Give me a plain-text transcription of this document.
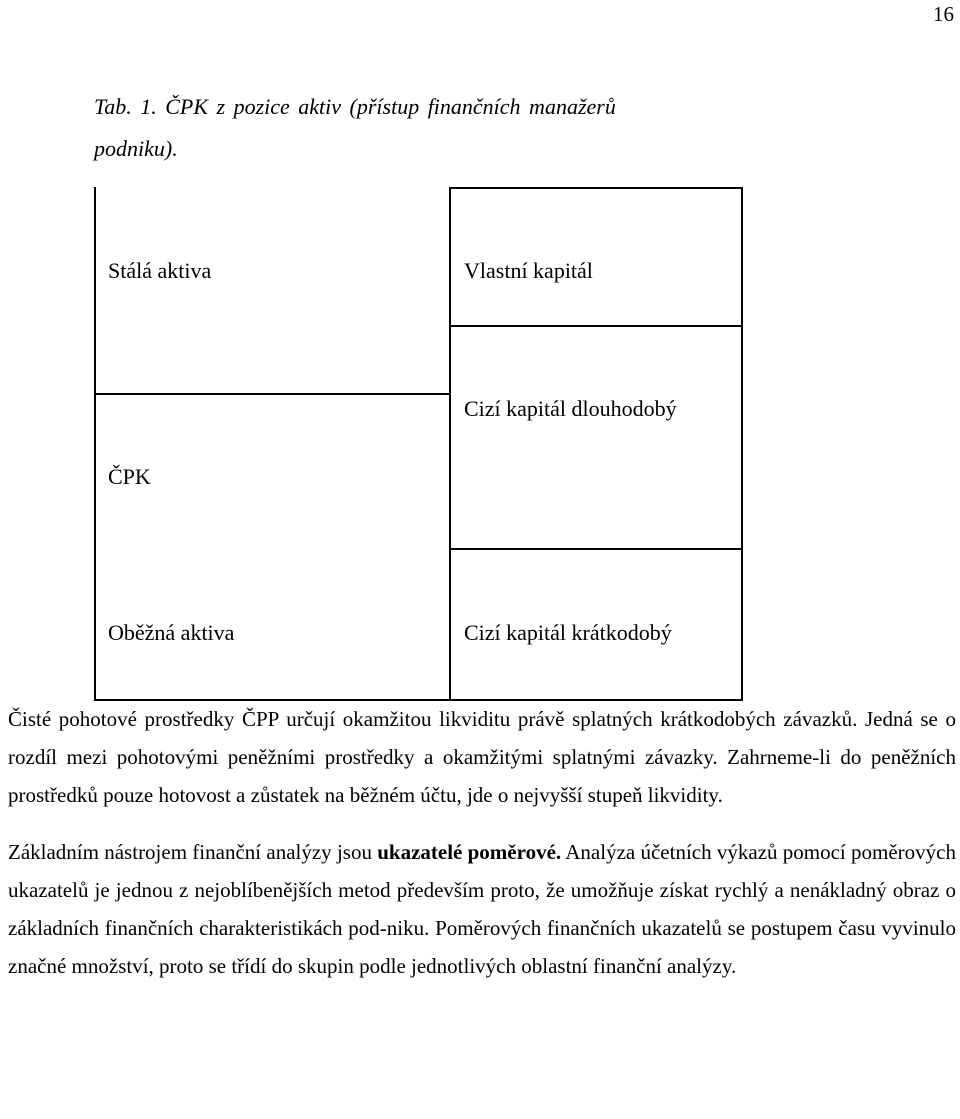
16
Tab. 1. ČPK z pozice aktiv (přístup finančních manažerů
podniku).
Stálá aktiva
ČPK
Oběžná aktiva
Vlastní kapitál
Cizí kapitál dlouhodobý
Cizí kapitál krátkodobý

Čisté pohotové prostředky ČPP určují okamžitou likviditu právě splatných krátkodobých závazků. Jedná se o rozdíl mezi pohotovými peněžními prostředky a okamžitými splatnými závazky. Zahrneme-li do peněžních prostředků pouze hotovost a zůstatek na běžném účtu, jde o nejvyšší stupeň likvidity.

Základním nástrojem finanční analýzy jsou ukazatelé poměrové. Analýza účetních výkazů pomocí poměrových ukazatelů je jednou z nejoblíbenějších metod především proto, že umožňuje získat rychlý a nenákladný obraz o základních finančních charakteristikách pod-niku. Poměrových finančních ukazatelů se postupem času vyvinulo značné množství, proto se třídí do skupin podle jednotlivých oblastní finanční analýzy.
